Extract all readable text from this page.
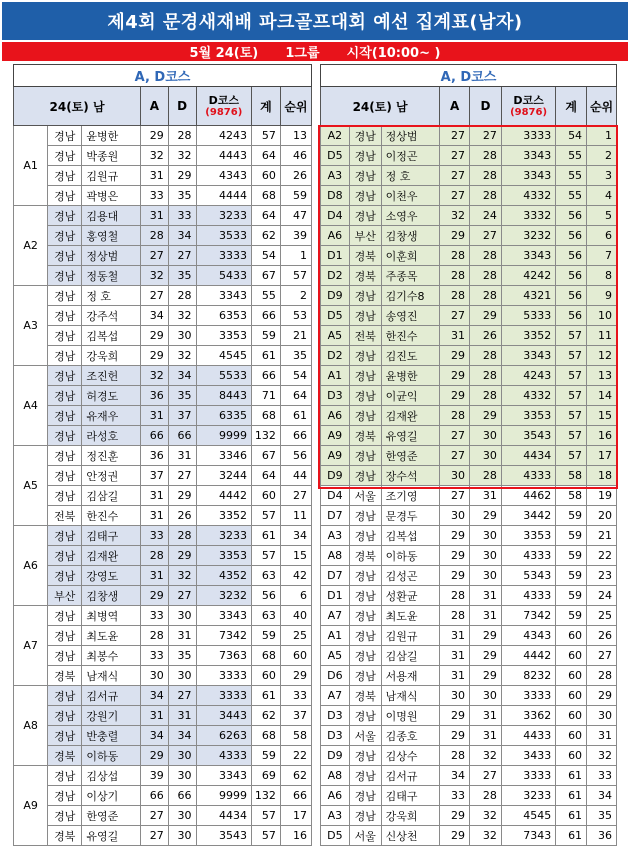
제4회 문경새재배 파크골프대회 예선 집계표(남자)
5월 24(토)      1그룹      시작(10:00~ )
A, D코스							
24(토) 남			A	D	D코스
(9876)	계	순위
A1	경남	윤병한	29	28	4243	57	13
	경남	박종원	32	32	4443	64	46
	경남	김원규	31	29	4343	60	26
	경남	곽병은	33	35	4444	68	59
A2	경남	김용대	31	33	3233	64	47
	경남	홍영철	28	34	3533	62	39
	경남	정상범	27	27	3333	54	1
	경남	정동철	32	35	5433	67	57
A3	경남	정 호	27	28	3343	55	2
	경남	강주석	34	32	6353	66	53
	경남	김복섭	29	30	3353	59	21
	경남	강욱희	29	32	4545	61	35
A4	경남	조진헌	32	34	5533	66	54
	경남	허경도	36	35	8443	71	64
	경남	유재우	31	37	6335	68	61
	경남	라성호	66	66	9999	132	66
A5	경남	정진훈	36	31	3346	67	56
	경남	안정권	37	27	3244	64	44
	경남	김삼길	31	29	4442	60	27
	전북	한진수	31	26	3352	57	11
A6	경남	김태구	33	28	3233	61	34
	경남	김재완	28	29	3353	57	15
	경남	강영도	31	32	4352	63	42
	부산	김창생	29	27	3232	56	6
A7	경남	최병역	33	30	3343	63	40
	경남	최도윤	28	31	7342	59	25
	경남	최봉수	33	35	7363	68	60
	경북	남재식	30	30	3333	60	29
A8	경남	김서규	34	27	3333	61	33
	경남	강원기	31	31	3443	62	37
	경남	반충렬	34	34	6263	68	58
	경북	이하동	29	30	4333	59	22
A9	경남	김상섭	39	30	3343	69	62
	경남	이상기	66	66	9999	132	66
	경남	한영준	27	30	4434	57	17
	경북	유영길	27	30	3543	57	16
A, D코스							
24(토) 남			A	D	D코스
(9876)	계	순위
A2	경남	정상범	27	27	3333	54	1
D5	경남	이정곤	27	28	3343	55	2
A3	경남	정 호	27	28	3343	55	3
D8	경남	이천우	27	28	4332	55	4
D4	경남	소영우	32	24	3332	56	5
A6	부산	김창생	29	27	3232	56	6
D1	경북	이훈희	28	28	3343	56	7
D2	경북	주종목	28	28	4242	56	8
D9	경남	김기수8	28	28	4321	56	9
D5	경남	송영진	27	29	5333	56	10
A5	전북	한진수	31	26	3352	57	11
D2	경남	김진도	29	28	3343	57	12
A1	경남	윤병한	29	28	4243	57	13
D3	경남	이균익	29	28	4332	57	14
A6	경남	김재완	28	29	3353	57	15
A9	경북	유영길	27	30	3543	57	16
A9	경남	한영준	27	30	4434	57	17
D9	경남	장수석	30	28	4333	58	18
D4	서울	조기영	27	31	4462	58	19
D7	경남	문경두	30	29	3442	59	20
A3	경남	김복섭	29	30	3353	59	21
A8	경북	이하동	29	30	4333	59	22
D7	경남	김성곤	29	30	5343	59	23
D1	경남	성환균	28	31	4333	59	24
A7	경남	최도윤	28	31	7342	59	25
A1	경남	김원규	31	29	4343	60	26
A5	경남	김삼길	31	29	4442	60	27
D6	경남	서용재	31	29	8232	60	28
A7	경북	남재식	30	30	3333	60	29
D3	경남	이명원	29	31	3362	60	30
D3	서울	김종호	29	31	4433	60	31
D9	경남	김상수	28	32	3433	60	32
A8	경남	김서규	34	27	3333	61	33
A6	경남	김태구	33	28	3233	61	34
A3	경남	강욱희	29	32	4545	61	35
D5	서울	신상천	29	32	7343	61	36
